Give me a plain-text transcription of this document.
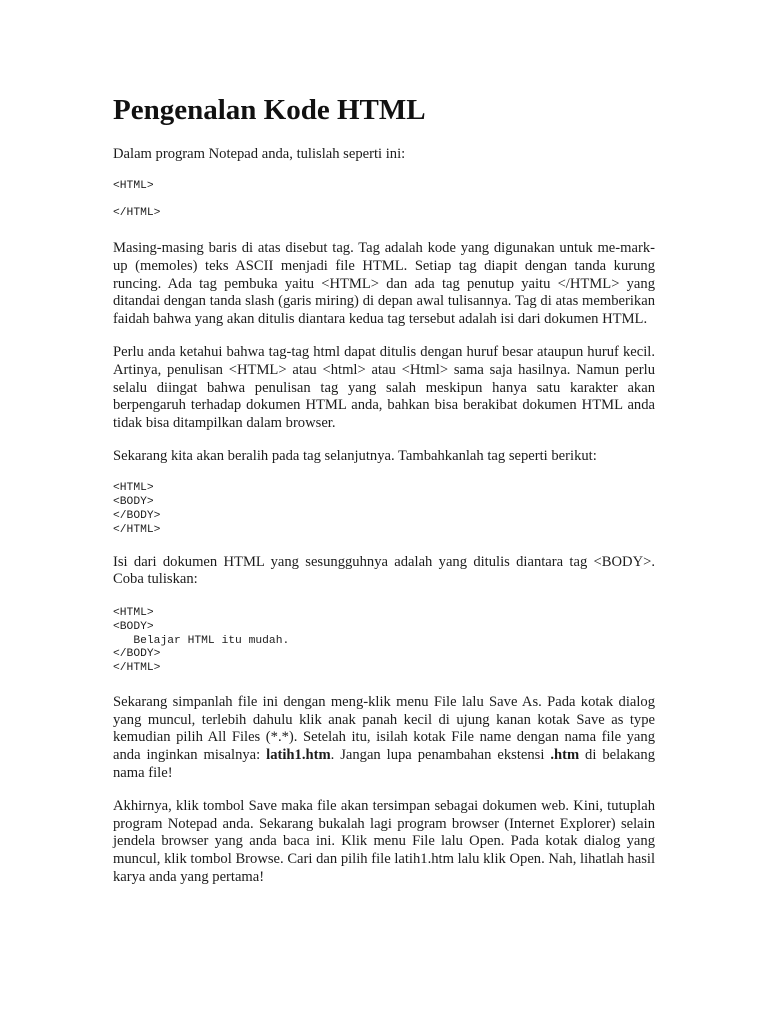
Pengenalan Kode HTML

Dalam program Notepad anda, tulislah seperti ini:

<HTML>
</HTML>

Masing-masing baris di atas disebut tag. Tag adalah kode yang digunakan untuk me-mark-up (memoles) teks ASCII menjadi file HTML. Setiap tag diapit dengan tanda kurung runcing. Ada tag pembuka yaitu <HTML> dan ada tag penutup yaitu </HTML> yang ditandai dengan tanda slash (garis miring) di depan awal tulisannya. Tag di atas memberikan faidah bahwa yang akan ditulis diantara kedua tag tersebut adalah isi dari dokumen HTML.

Perlu anda ketahui bahwa tag-tag html dapat ditulis dengan huruf besar ataupun huruf kecil. Artinya, penulisan <HTML> atau <html> atau <Html> sama saja hasilnya. Namun perlu selalu diingat bahwa penulisan tag yang salah meskipun hanya satu karakter akan berpengaruh terhadap dokumen HTML anda, bahkan bisa berakibat dokumen HTML anda tidak bisa ditampilkan dalam browser.

Sekarang kita akan beralih pada tag selanjutnya. Tambahkanlah tag seperti berikut:

<HTML>
<BODY>
</BODY>
</HTML>

Isi dari dokumen HTML yang sesungguhnya adalah yang ditulis diantara tag <BODY>. Coba tuliskan:

<HTML>
<BODY>
Belajar HTML itu mudah.
</BODY>
</HTML>

Sekarang simpanlah file ini dengan meng-klik menu File lalu Save As. Pada kotak dialog yang muncul, terlebih dahulu klik anak panah kecil di ujung kanan kotak Save as type kemudian pilih All Files (*.*). Setelah itu, isilah kotak File name dengan nama file yang anda inginkan misalnya: latih1.htm. Jangan lupa penambahan ekstensi .htm di belakang nama file!

Akhirnya, klik tombol Save maka file akan tersimpan sebagai dokumen web. Kini, tutuplah program Notepad anda. Sekarang bukalah lagi program browser (Internet Explorer) selain jendela browser yang anda baca ini. Klik menu File lalu Open. Pada kotak dialog yang muncul, klik tombol Browse. Cari dan pilih file latih1.htm lalu klik Open. Nah, lihatlah hasil karya anda yang pertama!
